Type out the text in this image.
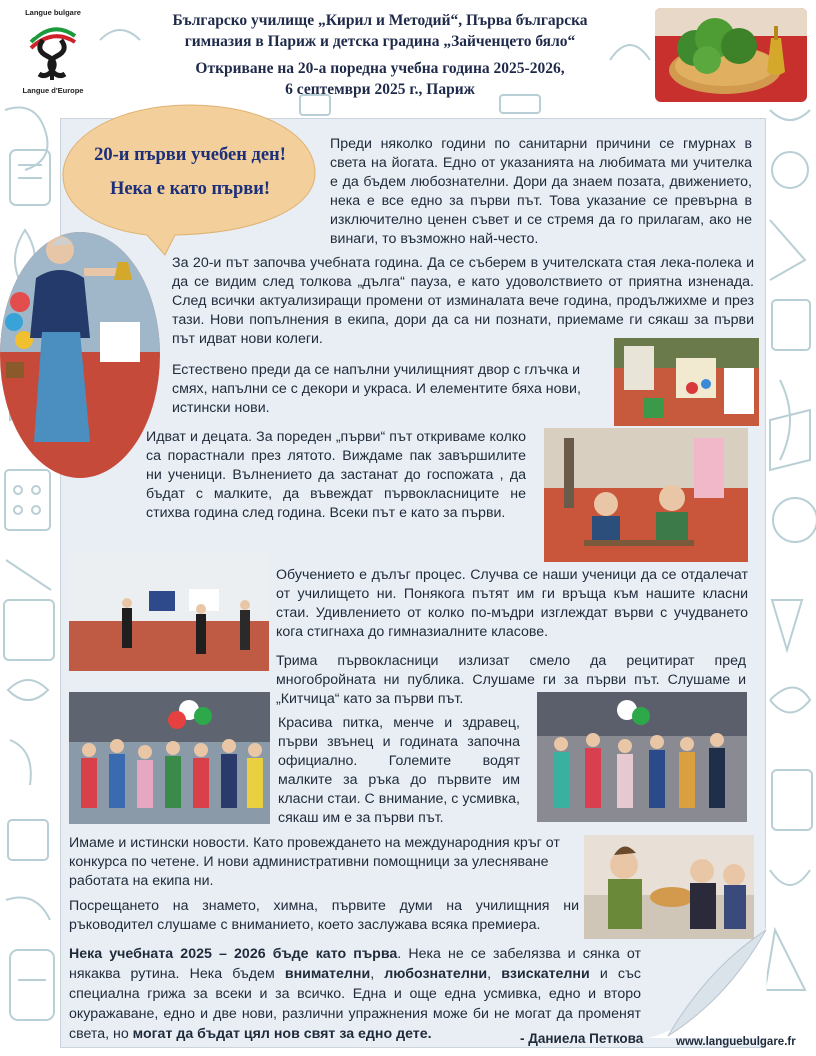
Langue bulgare
Langue d'Europe
Българско училище „Кирил и Методий“, Първа българска
гимназия в Париж и детска градина „Зайченцето бяло“
Откриване на 20-а поредна учебна година 2025-2026,
6 септември 2025 г., Париж
20-и първи учебен ден!
Нека е като първи!
Преди няколко години по санитарни причини се гмурнах в света на йогата. Едно от указанията на любимата ми учителка е да бъдем любознателни. Дори да знаем позата, движението, нека е все едно за първи път. Това указание се превърна в изключително ценен съвет и се стремя да го прилагам, ако не винаги, то възможно най-често.
За 20-и път започва учебната година. Да се съберем в учителската стая лека-полека и да се видим след толкова „дълга“ пауза, е като удоволствието от приятна изненада. След всички актуализиращи промени от изминалата вече година, продължихме и през тази. Нови попълнения в екипа, дори да са ни познати, приемаме ги сякаш за първи път идват нови колеги.
Естествено преди да се напълни училищният двор с глъчка и смях, напълни се с декори и украса. И елементите бяха нови, истински нови.
Идват и децата. За пореден „първи“ път откриваме колко са порастнали през лятото. Виждаме пак завършилите ни ученици. Вълнението да застанат до госпожата , да бъдат с малките, да въвеждат първокласниците не стихва година след година. Всеки път е като за първи.
Обучението е дълъг процес. Случва се наши ученици да се отдалечат от училището ни. Понякога пътят им ги връща към нашите класни стаи. Удивлението от колко по-мъдри изглеждат върви с учудването кога стигнаха до гимназиалните класове.
Трима първокласници излизат смело да рецитират пред многобройната ни публика. Слушаме ги за първи път. Слушаме и „Китчица“ като за първи път.
Красива питка, менче и здравец, първи звънец и годината започна официално. Големите водят малките за ръка до първите им класни стаи. С внимание, с усмивка, сякаш им е за първи път.
Имаме и истински новости. Като провеждането на международния кръг от конкурса по четене. И нови административни помощници за улесняване работата на екипа ни.
Посрещането на знамето, химна, първите думи на училищния ни ръководител слушаме с вниманието, което заслужава всяка премиера.
Нека учебната 2025 – 2026 бъде като първа. Нека не се забелязва и сянка от някаква рутина. Нека бъдем внимателни, любознателни, взискателни и със специална грижа за всеки и за всичко. Една и още една усмивка, едно и второ окуражаване, едно и две нови, различни упражнения може би не могат да променят света, но могат да бъдат цял нов свят за едно дете.	- Даниела Петкова	www.languebulgare.fr
